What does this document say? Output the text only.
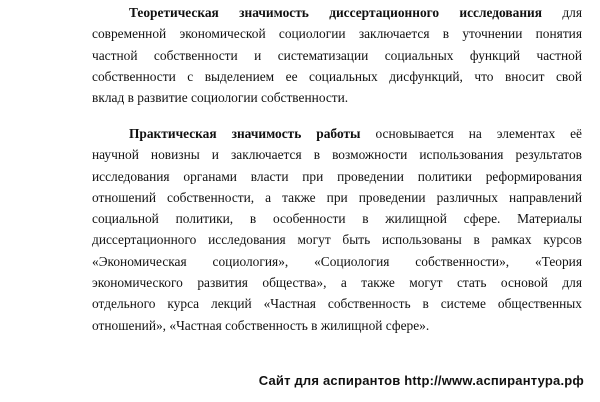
Теоретическая значимость диссертационного исследования для
современной экономической социологии заключается в уточнении понятия
частной собственности и систематизации социальных функций частной
собственности с выделением ее социальных дисфункций, что вносит свой
вклад в развитие социологии собственности.
Практическая значимость работы основывается на элементах её
научной новизны и заключается в возможности использования результатов
исследования органами власти при проведении политики реформирования
отношений собственности, а также при проведении различных направлений
социальной политики, в особенности в жилищной сфере. Материалы
диссертационного исследования могут быть использованы в рамках курсов
«Экономическая социология», «Социология собственности», «Теория
экономического развития общества», а также могут стать основой для
отдельного курса лекций «Частная собственность в системе общественных
отношений», «Частная собственность в жилищной сфере».
Сайт для аспирантов http://www.аспирантура.рф
